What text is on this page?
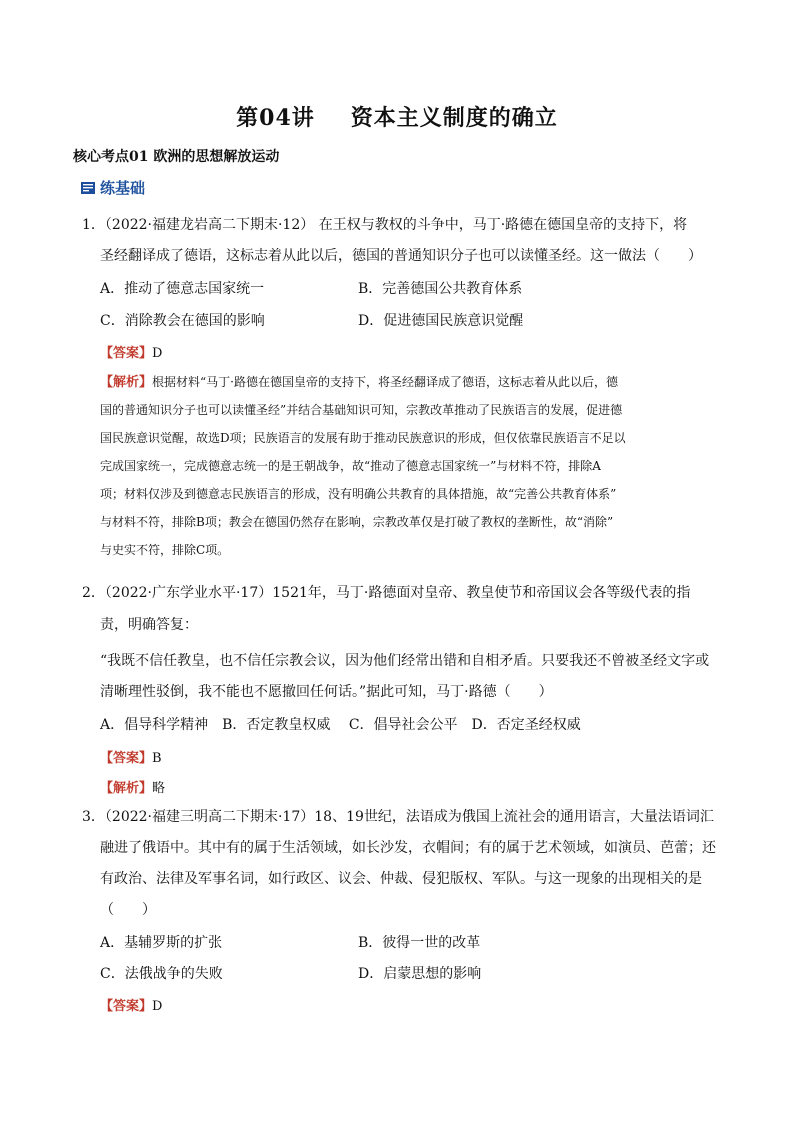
第04讲 资本主义制度的确立
核心考点01 欧洲的思想解放运动
练基础
1．（2022·福建龙岩高二下期末·12） 在王权与教权的斗争中，马丁·路德在德国皇帝的支持下，将
圣经翻译成了德语，这标志着从此以后，德国的普通知识分子也可以读懂圣经。这一做法（　　）
A．推动了德意志国家统一	B．完善德国公共教育体系
C．消除教会在德国的影响	D．促进德国民族意识觉醒
【答案】D
【解析】根据材料“马丁·路德在德国皇帝的支持下，将圣经翻译成了德语，这标志着从此以后，德
国的普通知识分子也可以读懂圣经”并结合基础知识可知，宗教改革推动了民族语言的发展，促进德
国民族意识觉醒，故选D项；民族语言的发展有助于推动民族意识的形成，但仅依靠民族语言不足以
完成国家统一，完成德意志统一的是王朝战争，故“推动了德意志国家统一”与材料不符，排除A
项；材料仅涉及到德意志民族语言的形成，没有明确公共教育的具体措施，故“完善公共教育体系”
与材料不符，排除B项；教会在德国仍然存在影响，宗教改革仅是打破了教权的垄断性，故“消除”
与史实不符，排除C项。
2．（2022·广东学业水平·17）1521年，马丁·路德面对皇帝、教皇使节和帝国议会各等级代表的指
责，明确答复：
“我既不信任教皇，也不信任宗教会议，因为他们经常出错和自相矛盾。只要我还不曾被圣经文字或
清晰理性驳倒，我不能也不愿撤回任何话。”据此可知，马丁·路德（　　）
A．倡导科学精神　B．否定教皇权威　 C．倡导社会公平　D．否定圣经权威
【答案】B
【解析】略
3．（2022·福建三明高二下期末·17）18、19世纪，法语成为俄国上流社会的通用语言，大量法语词汇
融进了俄语中。其中有的属于生活领域，如长沙发，衣帽间；有的属于艺术领域，如演员、芭蕾；还
有政治、法律及军事名词，如行政区、议会、仲裁、侵犯版权、军队。与这一现象的出现相关的是
（　　）
A．基辅罗斯的扩张	B．彼得一世的改革
C．法俄战争的失败	D．启蒙思想的影响
【答案】D
